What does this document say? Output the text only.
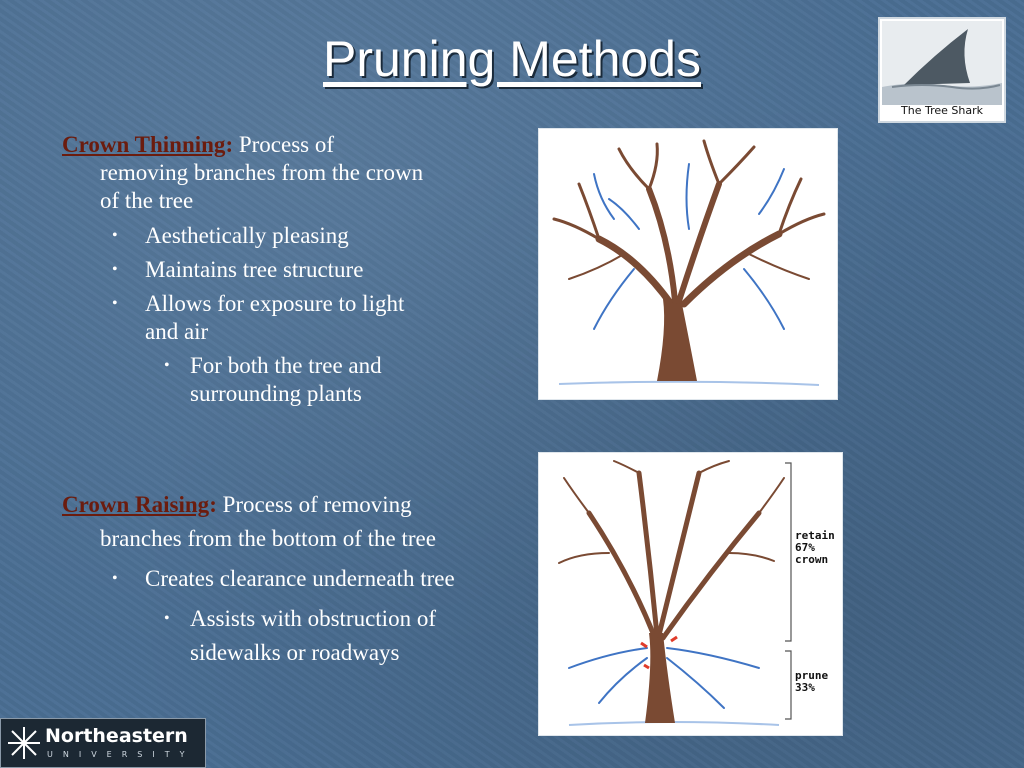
Pruning Methods
The Tree Shark
Crown Thinning: Process of
removing branches from the crown
of the tree
• Aesthetically pleasing
• Maintains tree structure
• Allows for exposure to light
and air
• For both the tree and
surrounding plants
Crown Raising: Process of removing
branches from the bottom of the tree
• Creates clearance underneath tree
• Assists with obstruction of
sidewalks or roadways
retain
67%
crown
prune
33%
Northeastern
UNIVERSITY
